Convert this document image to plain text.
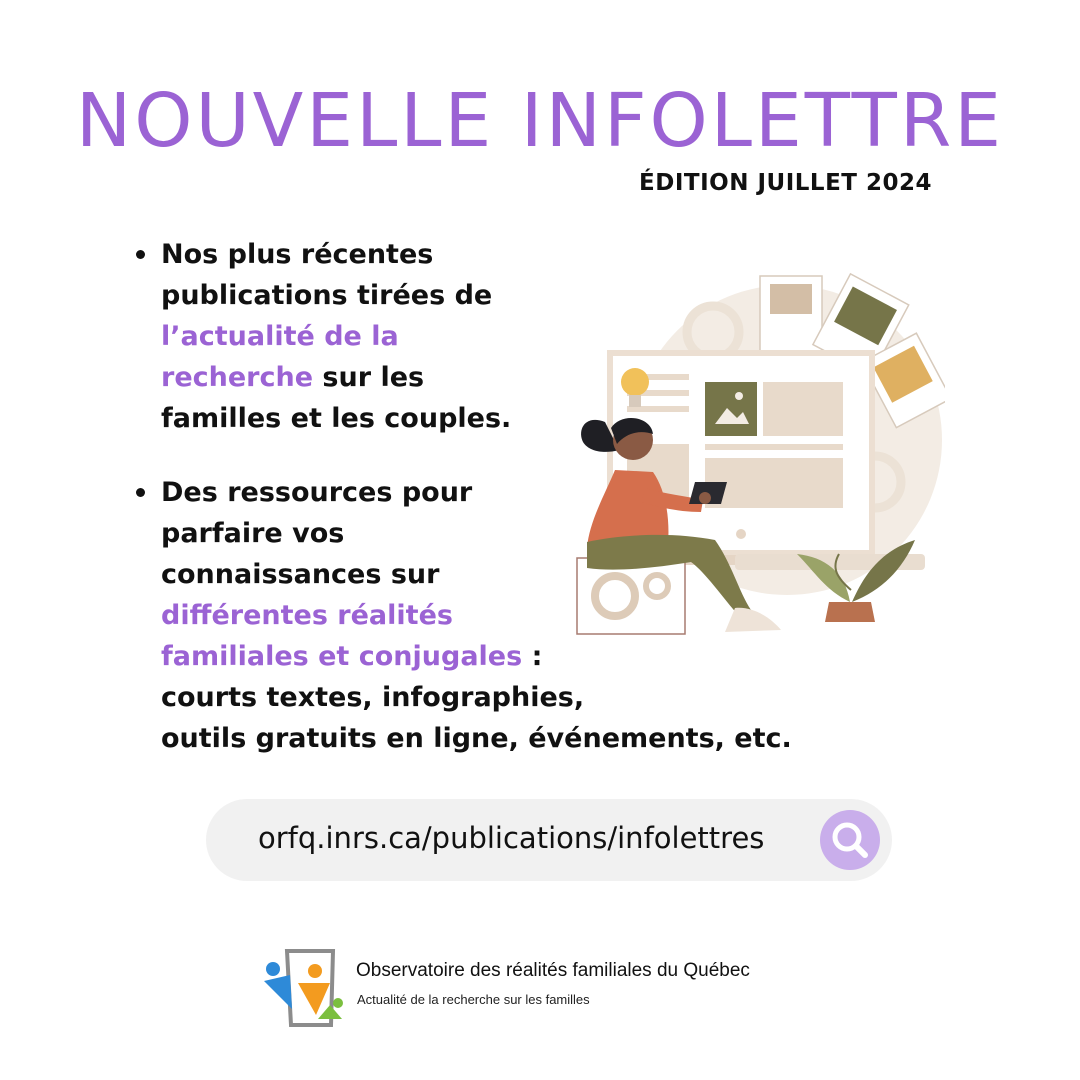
NOUVELLE INFOLETTRE
ÉDITION JUILLET 2024
Nos plus récentes
publications tirées de
l’actualité de la
recherche sur les
familles et les couples.
Des ressources pour
parfaire vos
connaissances sur
différentes réalités
familiales et conjugales :
courts textes, infographies,
outils gratuits en ligne, événements, etc.
orfq.inrs.ca/publications/infolettres
Observatoire des réalités familiales du Québec
Actualité de la recherche sur les familles
